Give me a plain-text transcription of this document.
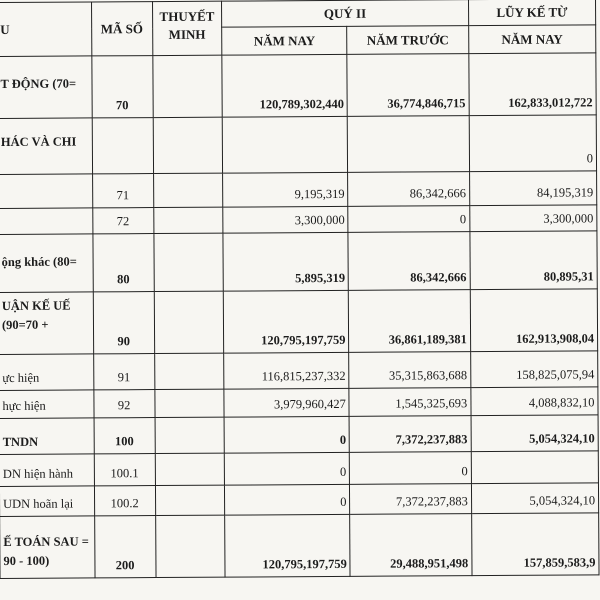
U	MÃ SỐ	THUYẾT MINH	QUÝ II		LŨY KẾ TỪ
			NĂM NAY	NĂM TRƯỚC	NĂM NAY
T ĐỘNG (70=	70		120,789,302,440	36,774,846,715	162,833,012,722
HÁC VÀ CHI					0
	71		9,195,319	86,342,666	84,195,319
	72		3,300,000	0	3,300,000
ộng khác (80=	80		5,895,319	86,342,666	80,895,31
UẬN KẾ UẾ (90=70 +	90		120,795,197,759	36,861,189,381	162,913,908,04
ực hiện	91		116,815,237,332	35,315,863,688	158,825,075,94
hực hiện	92		3,979,960,427	1,545,325,693	4,088,832,10
TNDN	100		0	7,372,237,883	5,054,324,10
DN hiện hành	100.1		0	0	
UDN hoãn lại	100.2		0	7,372,237,883	5,054,324,10
Ế TOÁN SAU = 90 - 100)	200		120,795,197,759	29,488,951,498	157,859,583,9
